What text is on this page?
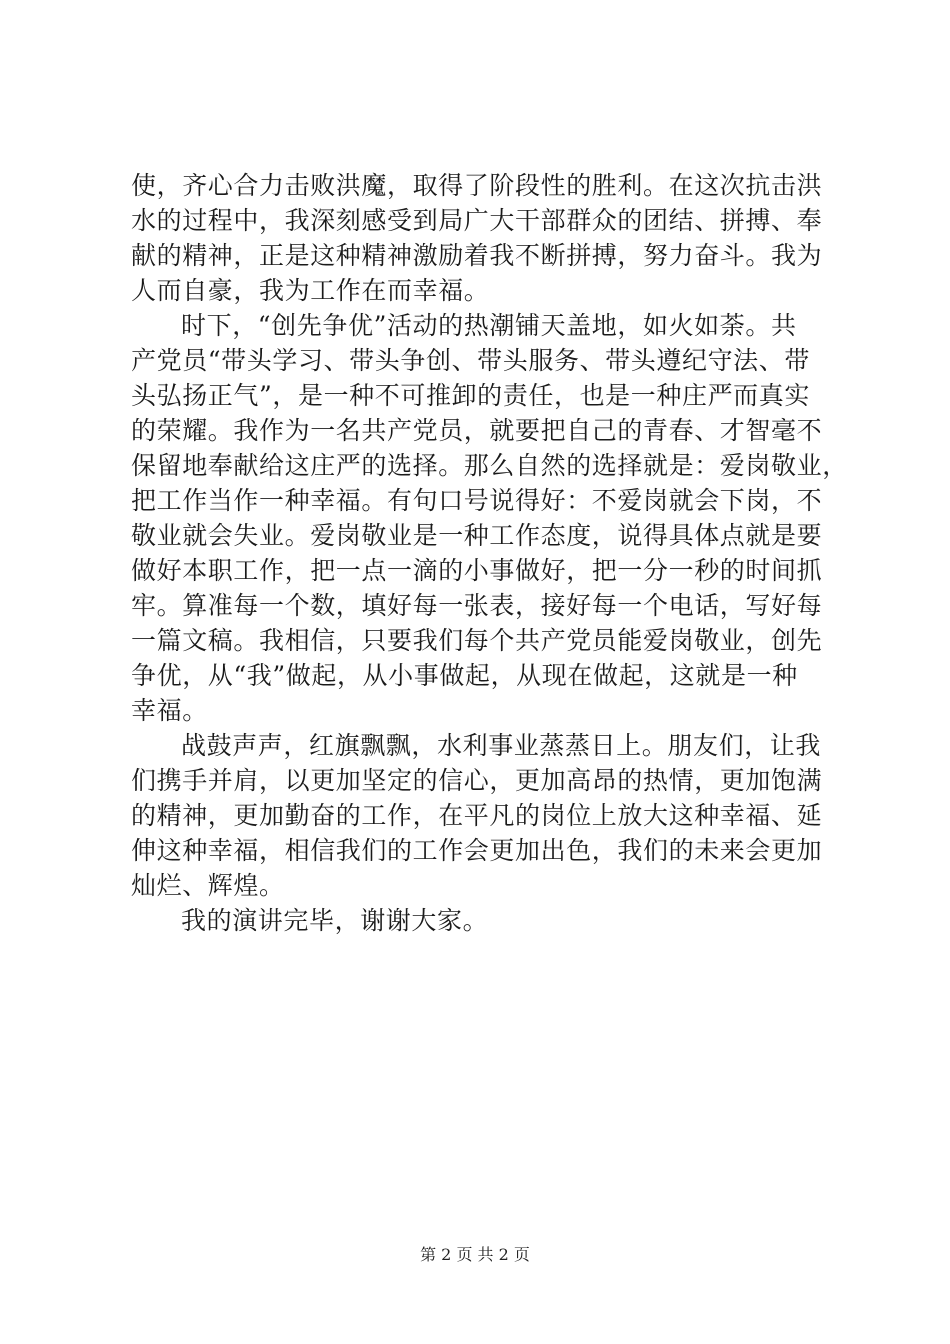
使，齐心合力击败洪魔，取得了阶段性的胜利。在这次抗击洪
水的过程中，我深刻感受到局广大干部群众的团结、拼搏、奉
献的精神，正是这种精神激励着我不断拼搏，努力奋斗。我为
人而自豪，我为工作在而幸福。
时下，“创先争优”活动的热潮铺天盖地，如火如荼。共
产党员“带头学习、带头争创、带头服务、带头遵纪守法、带
头弘扬正气”，是一种不可推卸的责任，也是一种庄严而真实
的荣耀。我作为一名共产党员，就要把自己的青春、才智毫不
保留地奉献给这庄严的选择。那么自然的选择就是：爱岗敬业，
把工作当作一种幸福。有句口号说得好：不爱岗就会下岗，不
敬业就会失业。爱岗敬业是一种工作态度，说得具体点就是要
做好本职工作，把一点一滴的小事做好，把一分一秒的时间抓
牢。算准每一个数，填好每一张表，接好每一个电话，写好每
一篇文稿。我相信，只要我们每个共产党员能爱岗敬业，创先
争优，从“我”做起，从小事做起，从现在做起，这就是一种
幸福。
战鼓声声，红旗飘飘，水利事业蒸蒸日上。朋友们，让我
们携手并肩，以更加坚定的信心，更加高昂的热情，更加饱满
的精神，更加勤奋的工作，在平凡的岗位上放大这种幸福、延
伸这种幸福，相信我们的工作会更加出色，我们的未来会更加
灿烂、辉煌。
我的演讲完毕，谢谢大家。
第 2 页 共 2 页
